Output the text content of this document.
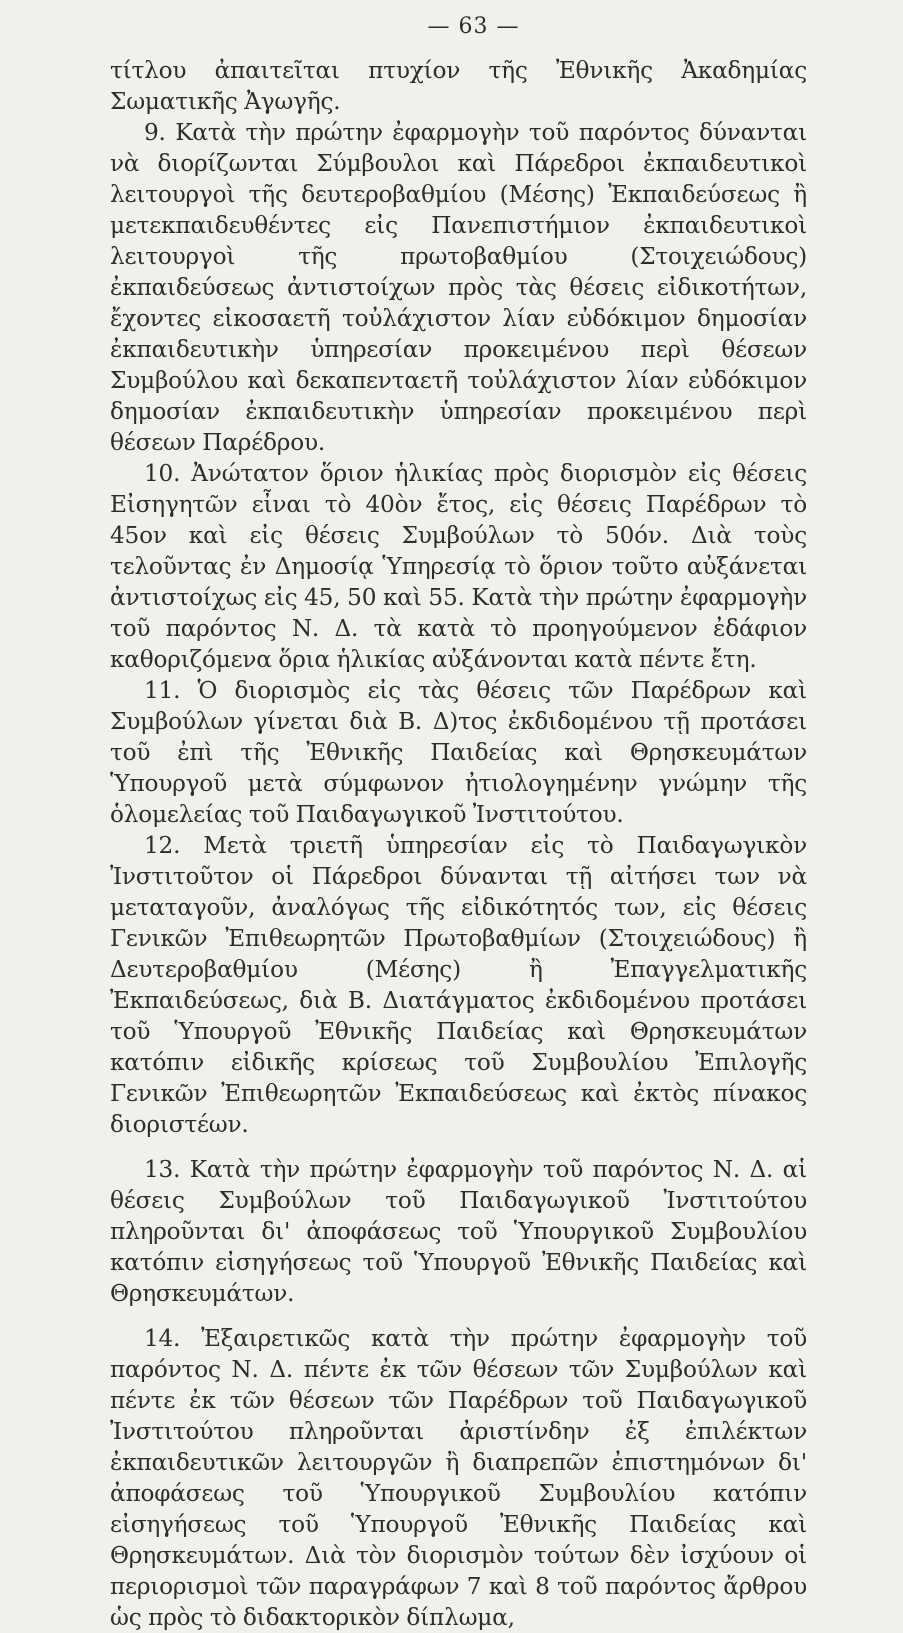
— 63 —

τίτλου ἀπαιτεῖται πτυχίον τῆς Ἐθνικῆς Ἀκαδημίας Σωματικῆς Ἀγωγῆς.

9. Κατὰ τὴν πρώτην ἐφαρμογὴν τοῦ παρόντος δύνανται νὰ διορίζωνται Σύμβουλοι καὶ Πάρεδροι ἐκπαιδευτικοὶ λειτουργοὶ τῆς δευτεροβαθμίου (Μέσης) Ἐκπαιδεύσεως ἢ μετεκπαιδευθέντες εἰς Πανεπιστήμιον ἐκπαιδευτικοὶ λειτουργοὶ τῆς πρωτοβαθμίου (Στοιχειώδους) ἐκπαιδεύσεως ἀντιστοίχων πρὸς τὰς θέσεις εἰδικοτήτων, ἔχοντες εἰκοσαετῆ τοὐλάχιστον λίαν εὐδόκιμον δημοσίαν ἐκπαιδευτικὴν ὑπηρεσίαν προκειμένου περὶ θέσεων Συμβούλου καὶ δεκαπενταετῆ τοὐλάχιστον λίαν εὐδόκιμον δημοσίαν ἐκπαιδευτικὴν ὑπηρεσίαν προκειμένου περὶ θέσεων Παρέδρου.

10. Ἀνώτατον ὅριον ἡλικίας πρὸς διορισμὸν εἰς θέσεις Εἰσηγητῶν εἶναι τὸ 40ὸν ἔτος, εἰς θέσεις Παρέδρων τὸ 45ον καὶ εἰς θέσεις Συμβούλων τὸ 50όν. Διὰ τοὺς τελοῦντας ἐν Δημοσίᾳ Ὑπηρεσίᾳ τὸ ὅριον τοῦτο αὐξάνεται ἀντιστοίχως εἰς 45, 50 καὶ 55. Κατὰ τὴν πρώτην ἐφαρμογὴν τοῦ παρόντος Ν. Δ. τὰ κατὰ τὸ προηγούμενον ἐδάφιον καθοριζόμενα ὅρια ἡλικίας αὐξάνονται κατὰ πέντε ἔτη.

11. Ὁ διορισμὸς εἰς τὰς θέσεις τῶν Παρέδρων καὶ Συμβούλων γίνεται διὰ Β. Δ)τος ἐκδιδομένου τῇ προτάσει τοῦ ἐπὶ τῆς Ἐθνικῆς Παιδείας καὶ Θρησκευμάτων Ὑπουργοῦ μετὰ σύμφωνον ἠτιολογημένην γνώμην τῆς ὁλομελείας τοῦ Παιδαγωγικοῦ Ἰνστιτούτου.

12. Μετὰ τριετῆ ὑπηρεσίαν εἰς τὸ Παιδαγωγικὸν Ἰνστιτοῦτον οἱ Πάρεδροι δύνανται τῇ αἰτήσει των νὰ μεταταγοῦν, ἀναλόγως τῆς εἰδικότητός των, εἰς θέσεις Γενικῶν Ἐπιθεωρητῶν Πρωτοβαθμίων (Στοιχειώδους) ἢ Δευτεροβαθμίου (Μέσης) ἢ Ἐπαγγελματικῆς Ἐκπαιδεύσεως, διὰ Β. Διατάγματος ἐκδιδομένου προτάσει τοῦ Ὑπουργοῦ Ἐθνικῆς Παιδείας καὶ Θρησκευμάτων κατόπιν εἰδικῆς κρίσεως τοῦ Συμβουλίου Ἐπιλογῆς Γενικῶν Ἐπιθεωρητῶν Ἐκπαιδεύσεως καὶ ἐκτὸς πίνακος διοριστέων.

13. Κατὰ τὴν πρώτην ἐφαρμογὴν τοῦ παρόντος Ν. Δ. αἱ θέσεις Συμβούλων τοῦ Παιδαγωγικοῦ Ἰνστιτούτου πληροῦνται δι' ἀποφάσεως τοῦ Ὑπουργικοῦ Συμβουλίου κατόπιν εἰσηγήσεως τοῦ Ὑπουργοῦ Ἐθνικῆς Παιδείας καὶ Θρησκευμάτων.

14. Ἐξαιρετικῶς κατὰ τὴν πρώτην ἐφαρμογὴν τοῦ παρόντος Ν. Δ. πέντε ἐκ τῶν θέσεων τῶν Συμβούλων καὶ πέντε ἐκ τῶν θέσεων τῶν Παρέδρων τοῦ Παιδαγωγικοῦ Ἰνστιτούτου πληροῦνται ἀριστίνδην ἐξ ἐπιλέκτων ἐκπαιδευτικῶν λειτουργῶν ἢ διαπρεπῶν ἐπιστημόνων δι' ἀποφάσεως τοῦ Ὑπουργικοῦ Συμβουλίου κατόπιν εἰσηγήσεως τοῦ Ὑπουργοῦ Ἐθνικῆς Παιδείας καὶ Θρησκευμάτων. Διὰ τὸν διορισμὸν τούτων δὲν ἰσχύουν οἱ περιορισμοὶ τῶν παραγράφων 7 καὶ 8 τοῦ παρόντος ἄρθρου ὡς πρὸς τὸ διδακτορικὸν δίπλωμα,
